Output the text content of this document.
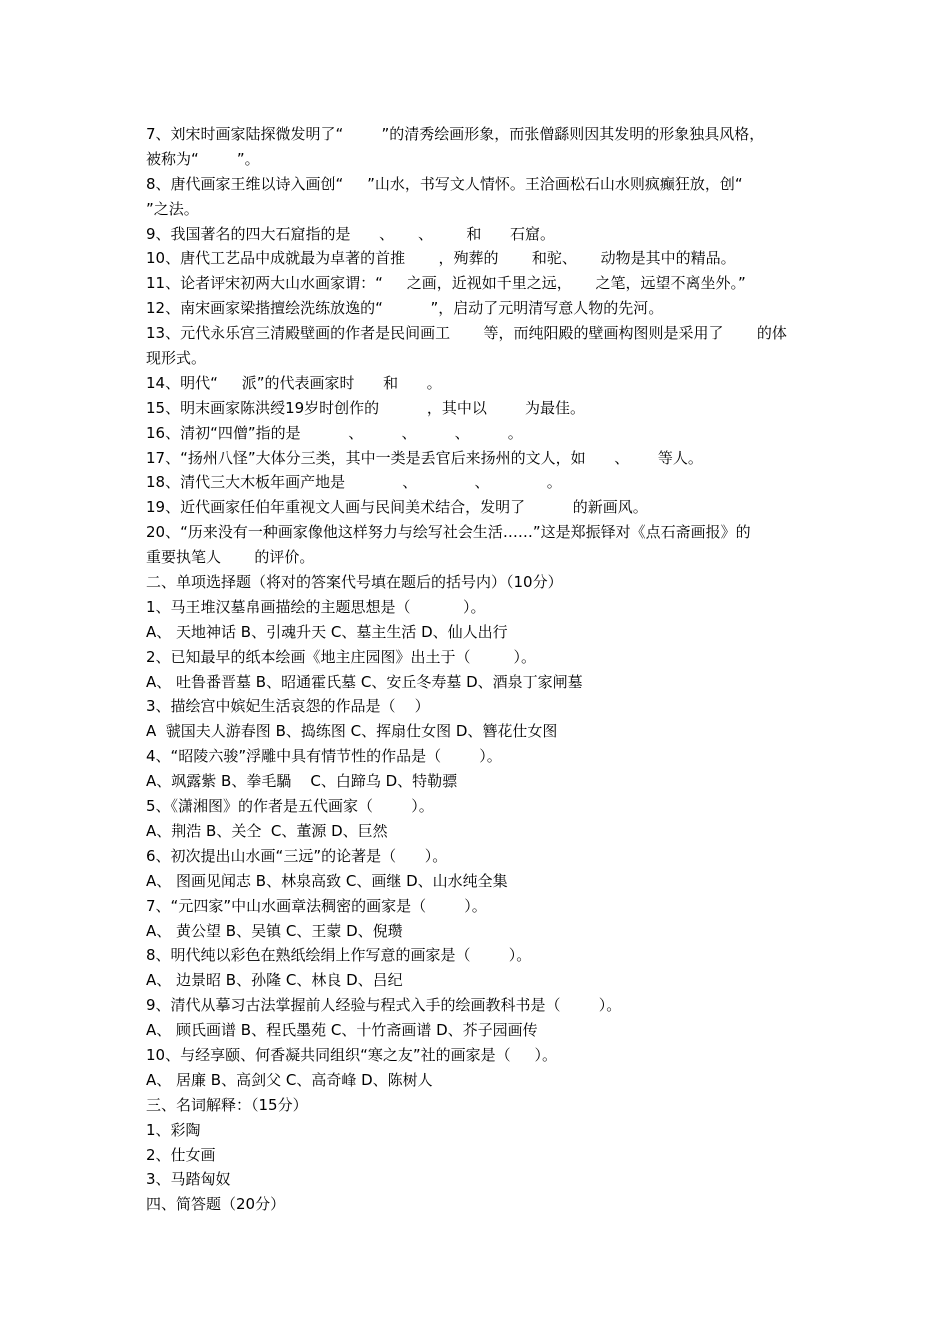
7、刘宋时画家陆探微发明了“        ”的清秀绘画形象，而张僧繇则因其发明的形象独具风格，
被称为“        ”。
8、唐代画家王维以诗入画创“     ”山水，书写文人情怀。王洽画松石山水则疯癫狂放，创“
”之法。
9、我国著名的四大石窟指的是      、     、       和      石窟。
10、唐代工艺品中成就最为卓著的首推       ，殉葬的       和驼、     动物是其中的精品。
11、论者评宋初两大山水画家谓：“     之画，近视如千里之远，     之笔，远望不离坐外。”
12、南宋画家梁揩擅绘洗练放逸的“          ”，启动了元明清写意人物的先河。
13、元代永乐宫三清殿壁画的作者是民间画工       等，而纯阳殿的壁画构图则是采用了       的体
现形式。
14、明代“     派”的代表画家时      和      。
15、明末画家陈洪绶19岁时创作的          ，其中以        为最佳。
16、清初“四僧”指的是          、        、        、        。
17、“扬州八怪”大体分三类，其中一类是丢官后来扬州的文人，如      、      等人。
18、清代三大木板年画产地是            、            、            。
19、近代画家任伯年重视文人画与民间美术结合，发明了          的新画风。
20、“历来没有一种画家像他这样努力与绘写社会生活……”这是郑振铎对《点石斋画报》的
重要执笔人       的评价。
二、单项选择题（将对的答案代号填在题后的括号内）（10分）
1、马王堆汉墓帛画描绘的主题思想是（           ）。
A、 天地神话 B、引魂升天 C、墓主生活 D、仙人出行
2、已知最早的纸本绘画《地主庄园图》出土于（         ）。
A、 吐鲁番晋墓 B、昭通霍氏墓 C、安丘冬寿墓 D、酒泉丁家闸墓
3、描绘宫中嫔妃生活哀怨的作品是（    ）
A  虢国夫人游春图 B、捣练图 C、挥扇仕女图 D、簪花仕女图
4、“昭陵六骏”浮雕中具有情节性的作品是（        ）。
A、飒露紫 B、拳毛騧    C、白蹄乌 D、特勒骠
5、《潇湘图》的作者是五代画家（        ）。
A、荆浩 B、关仝  C、董源 D、巨然
6、初次提出山水画“三远”的论著是（      ）。
A、 图画见闻志 B、林泉高致 C、画继 D、山水纯全集
7、“元四家”中山水画章法稠密的画家是（        ）。
A、 黄公望 B、吴镇 C、王蒙 D、倪瓒
8、明代纯以彩色在熟纸绘绢上作写意的画家是（        ）。
A、 边景昭 B、孙隆 C、林良 D、吕纪
9、清代从摹习古法掌握前人经验与程式入手的绘画教科书是（        ）。
A、 顾氏画谱 B、程氏墨苑 C、十竹斋画谱 D、芥子园画传
10、与经享颐、何香凝共同组织“寒之友”社的画家是（     ）。
A、 居廉 B、高剑父 C、高奇峰 D、陈树人
三、名词解释：（15分）
1、彩陶
2、仕女画
3、马踏匈奴
四、简答题（20分）
